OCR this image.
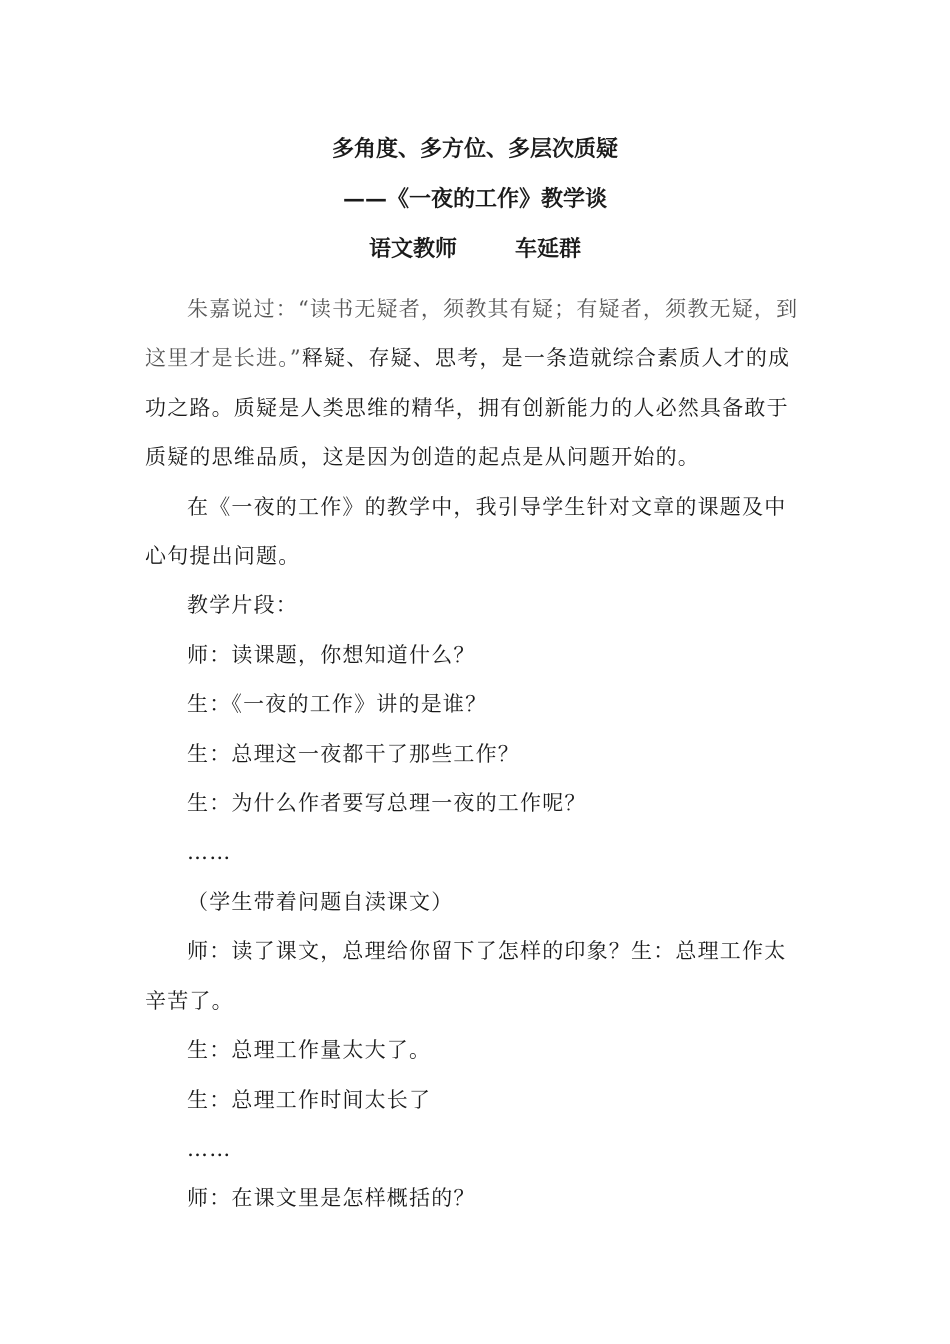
多角度、多方位、多层次质疑
——《一夜的工作》教学谈
语文教师	车延群

朱嘉说过：“读书无疑者，须教其有疑；有疑者，须教无疑，到这里才是长进。”释疑、存疑、思考，是一条造就综合素质人才的成功之路。质疑是人类思维的精华，拥有创新能力的人必然具备敢于质疑的思维品质，这是因为创造的起点是从问题开始的。

在《一夜的工作》的教学中，我引导学生针对文章的课题及中心句提出问题。

教学片段：

师：读课题，你想知道什么？

生：《一夜的工作》讲的是谁？

生：总理这一夜都干了那些工作？

生：为什么作者要写总理一夜的工作呢？

……

（学生带着问题自渎课文）

师：读了课文，总理给你留下了怎样的印象？生：总理工作太辛苦了。

生：总理工作量太大了。

生：总理工作时间太长了

……

师：在课文里是怎样概括的？
